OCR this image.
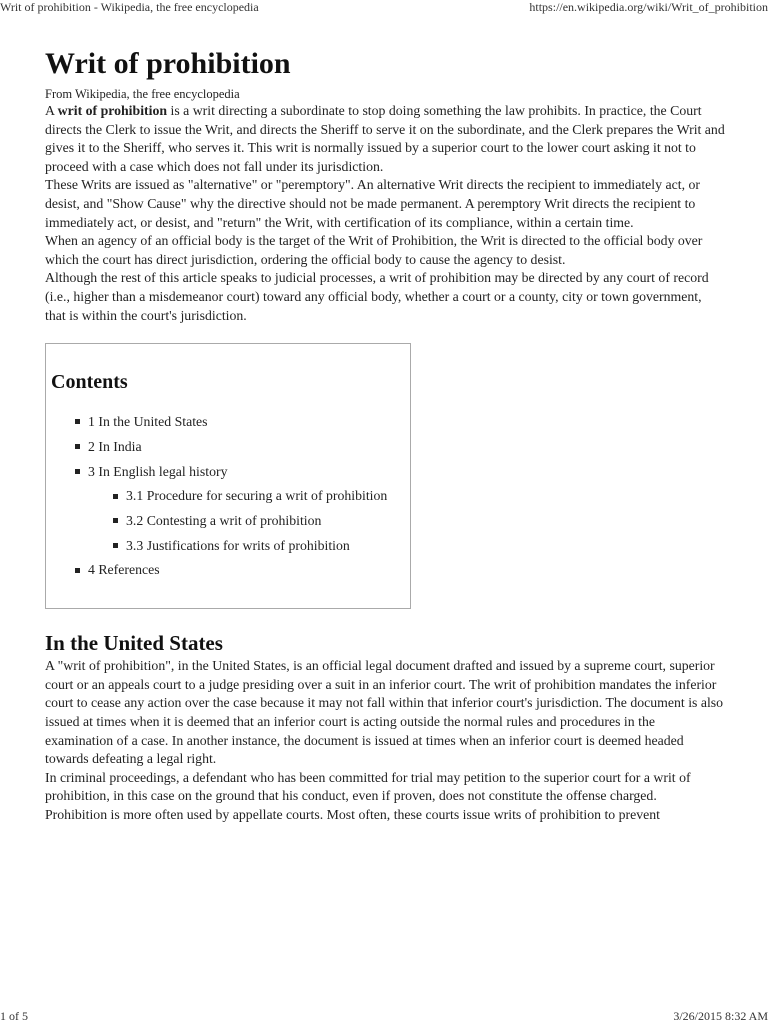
Writ of prohibition - Wikipedia, the free encyclopedia	https://en.wikipedia.org/wiki/Writ_of_prohibition
Writ of prohibition
From Wikipedia, the free encyclopedia

A writ of prohibition is a writ directing a subordinate to stop doing something the law prohibits. In practice, the Court directs the Clerk to issue the Writ, and directs the Sheriff to serve it on the subordinate, and the Clerk prepares the Writ and gives it to the Sheriff, who serves it. This writ is normally issued by a superior court to the lower court asking it not to proceed with a case which does not fall under its jurisdiction.

These Writs are issued as "alternative" or "peremptory". An alternative Writ directs the recipient to immediately act, or desist, and "Show Cause" why the directive should not be made permanent. A peremptory Writ directs the recipient to immediately act, or desist, and "return" the Writ, with certification of its compliance, within a certain time.

When an agency of an official body is the target of the Writ of Prohibition, the Writ is directed to the official body over which the court has direct jurisdiction, ordering the official body to cause the agency to desist.

Although the rest of this article speaks to judicial processes, a writ of prohibition may be directed by any court of record (i.e., higher than a misdemeanor court) toward any official body, whether a court or a county, city or town government, that is within the court's jurisdiction.

Contents
1 In the United States
2 In India
3 In English legal history
3.1 Procedure for securing a writ of prohibition
3.2 Contesting a writ of prohibition
3.3 Justifications for writs of prohibition
4 References
In the United States

A "writ of prohibition", in the United States, is an official legal document drafted and issued by a supreme court, superior court or an appeals court to a judge presiding over a suit in an inferior court. The writ of prohibition mandates the inferior court to cease any action over the case because it may not fall within that inferior court's jurisdiction. The document is also issued at times when it is deemed that an inferior court is acting outside the normal rules and procedures in the examination of a case. In another instance, the document is issued at times when an inferior court is deemed headed towards defeating a legal right.

In criminal proceedings, a defendant who has been committed for trial may petition to the superior court for a writ of prohibition, in this case on the ground that his conduct, even if proven, does not constitute the offense charged.

Prohibition is more often used by appellate courts. Most often, these courts issue writs of prohibition to prevent

1 of 5	3/26/2015 8:32 AM
